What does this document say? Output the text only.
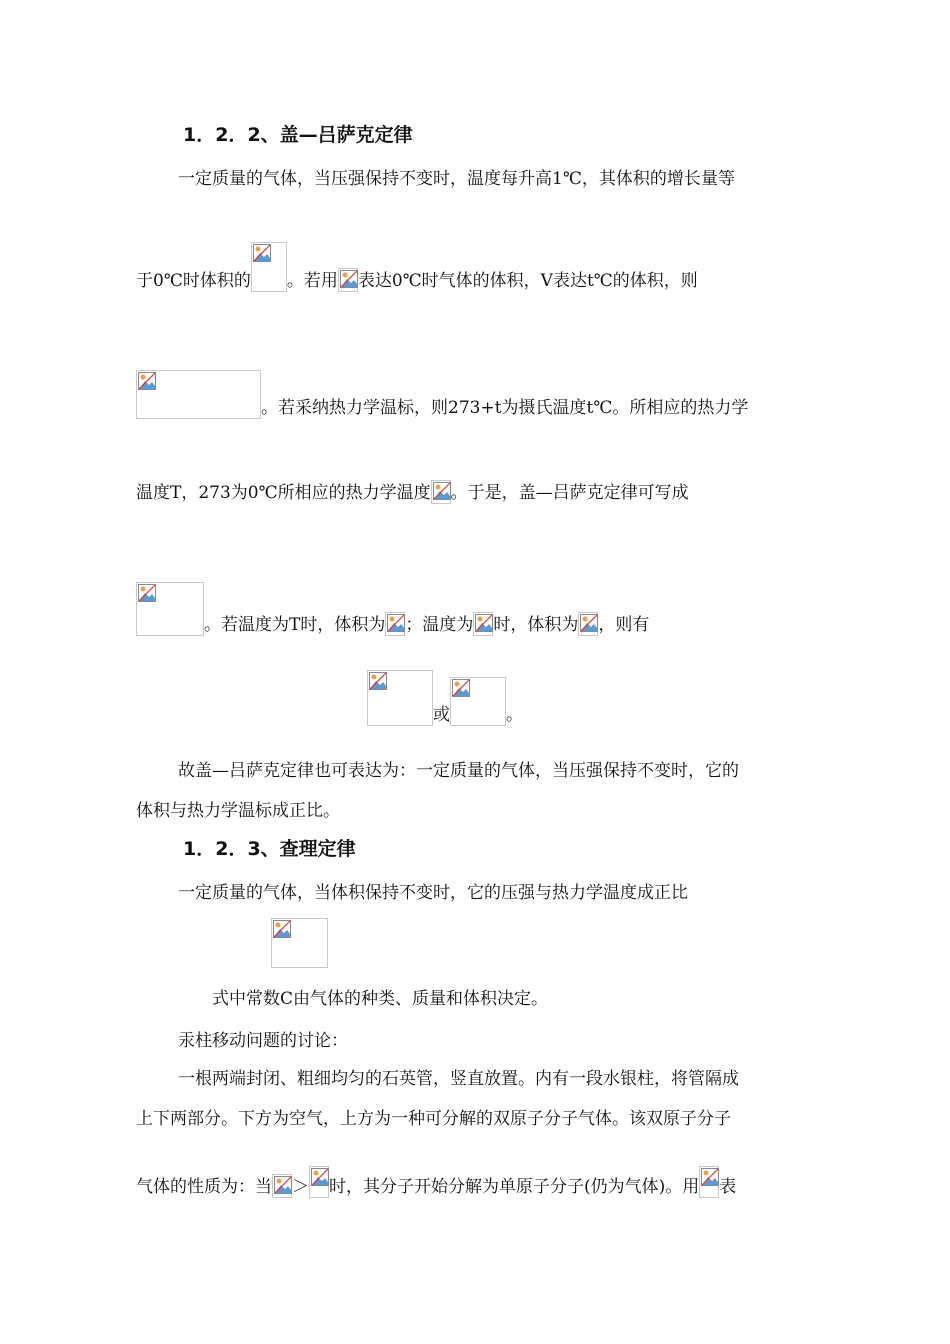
1．2．2、盖—吕萨克定律
一定质量的气体，当压强保持不变时，温度每升高1℃，其体积的增长量等
于0℃时体积的 。若用 表达0℃时气体的体积，V表达t℃的体积，则
。若采纳热力学温标，则273+t为摄氏温度t℃。所相应的热力学
温度T，273为0℃所相应的热力学温度 。于是，盖—吕萨克定律可写成
。若温度为T时，体积为 ；温度为 时，体积为 ，则有
或	。
故盖—吕萨克定律也可表达为：一定质量的气体，当压强保持不变时，它的
体积与热力学温标成正比。
1．2．3、查理定律
一定质量的气体，当体积保持不变时，它的压强与热力学温度成正比
式中常数C由气体的种类、质量和体积决定。
汞柱移动问题的讨论：
一根两端封闭、粗细均匀的石英管，竖直放置。内有一段水银柱，将管隔成
上下两部分。下方为空气，上方为一种可分解的双原子分子气体。该双原子分子
气体的性质为：当 ＞ 时，其分子开始分解为单原子分子(仍为气体)。用 表
